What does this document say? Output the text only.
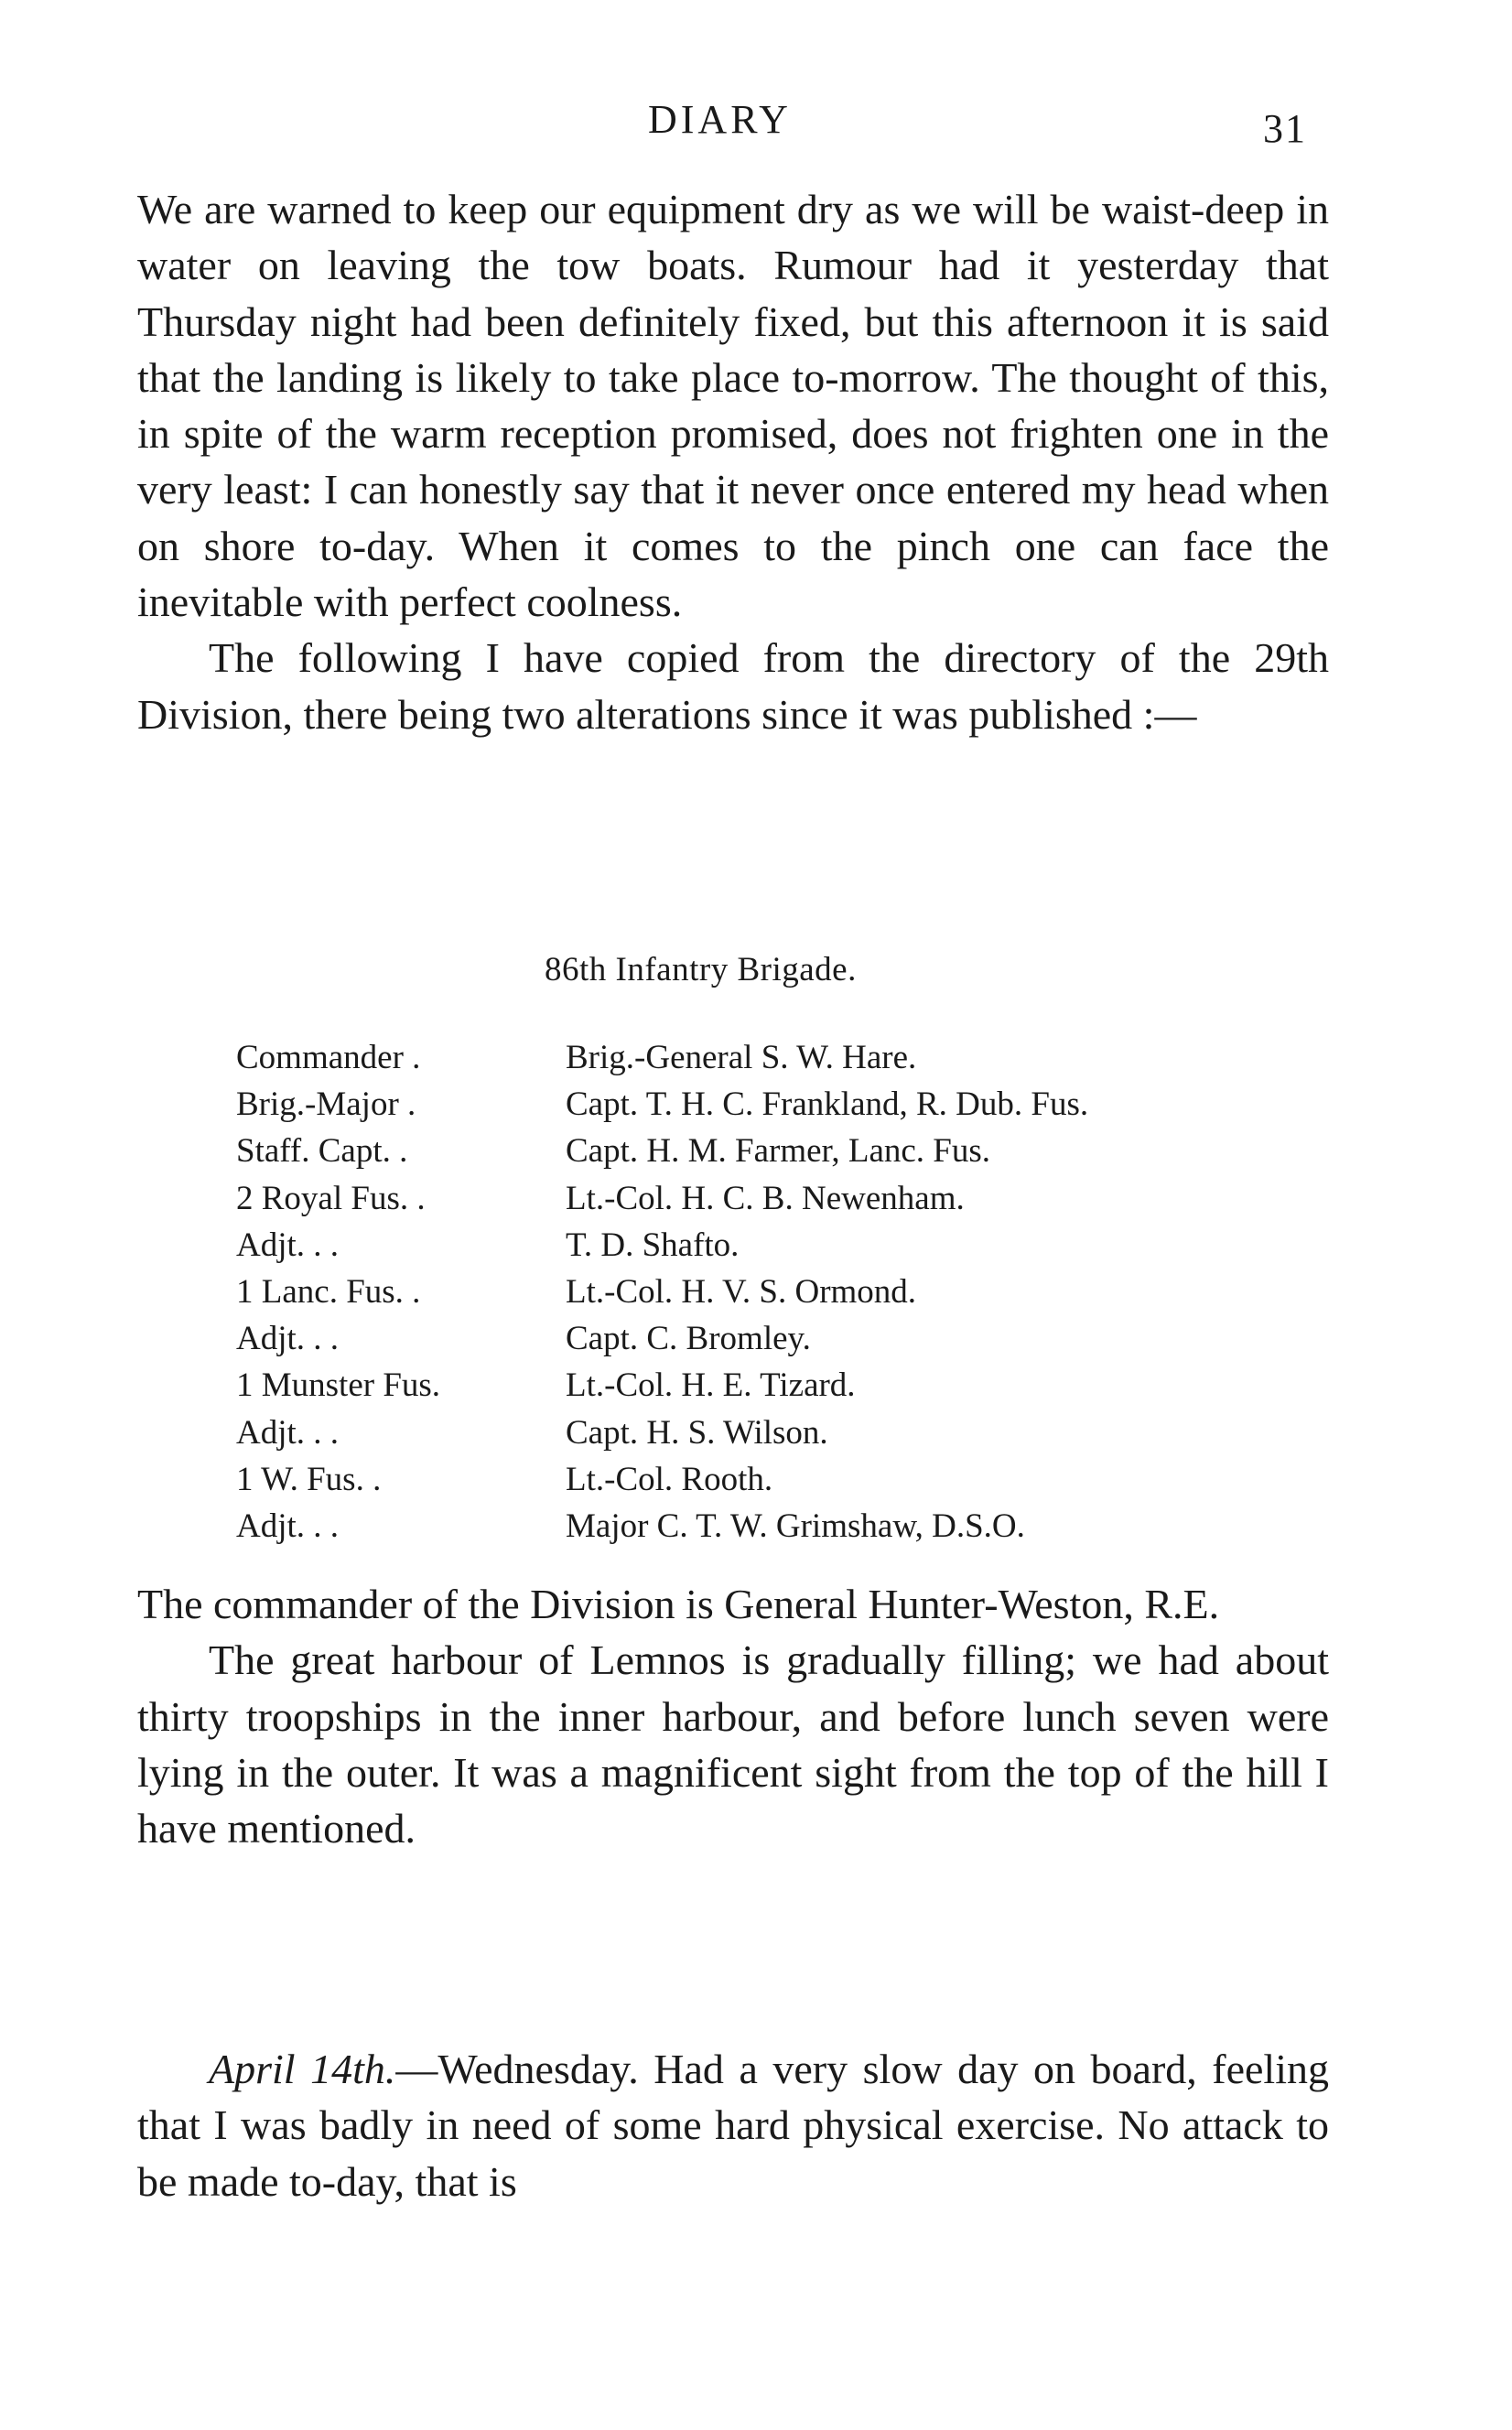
DIARY	31

We are warned to keep our equipment dry as we will be waist-deep in water on leaving the tow boats. Rumour had it yesterday that Thursday night had been definitely fixed, but this afternoon it is said that the landing is likely to take place to-morrow. The thought of this, in spite of the warm reception promised, does not frighten one in the very least: I can honestly say that it never once entered my head when on shore to-day. When it comes to the pinch one can face the inevitable with perfect coolness.

The following I have copied from the directory of the 29th Division, there being two alterations since it was published :—

86th Infantry Brigade.
Commander .	Brig.-General S. W. Hare.
Brig.-Major .	Capt. T. H. C. Frankland, R. Dub. Fus.
Staff. Capt. .	Capt. H. M. Farmer, Lanc. Fus.
2 Royal Fus. .	Lt.-Col. H. C. B. Newenham.
Adjt. . .	T. D. Shafto.
1 Lanc. Fus. .	Lt.-Col. H. V. S. Ormond.
Adjt. . .	Capt. C. Bromley.
1 Munster Fus.	Lt.-Col. H. E. Tizard.
Adjt. . .	Capt. H. S. Wilson.
1 W. Fus. .	Lt.-Col. Rooth.
Adjt. . .	Major C. T. W. Grimshaw, D.S.O.

The commander of the Division is General Hunter-Weston, R.E.

The great harbour of Lemnos is gradually filling; we had about thirty troopships in the inner harbour, and before lunch seven were lying in the outer. It was a magnificent sight from the top of the hill I have mentioned.

April 14th.—Wednesday. Had a very slow day on board, feeling that I was badly in need of some hard physical exercise. No attack to be made to-day, that is
